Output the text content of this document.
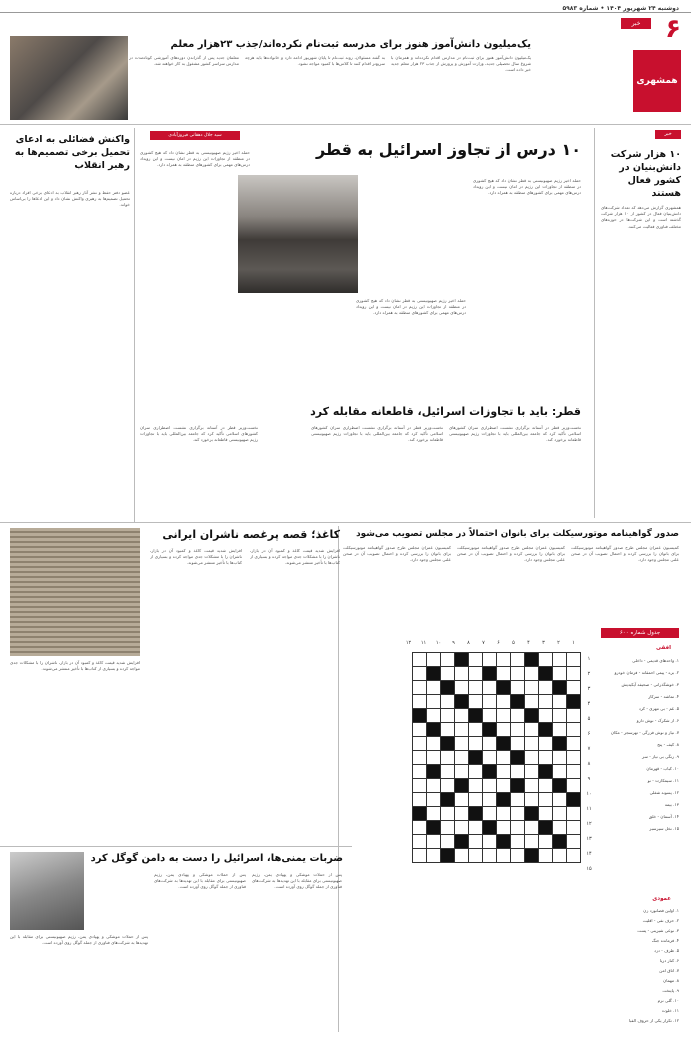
دوشنبه ۲۴ شهریور ۱۴۰۴ • شماره ۵۹۸۳
۶
خبر
همشهری
یک‌میلیون دانش‌آموز هنوز برای مدرسه ثبت‌نام نکرده‌اند/جذب ۲۳هزار معلم
یک‌میلیون دانش‌آموز هنوز برای ثبت‌نام در مدارس اقدام نکرده‌اند و همزمان با شروع سال تحصیلی جدید، وزارت آموزش و پرورش از جذب ۲۳ هزار معلم جدید خبر داده است.
به گفته مسئولان، روند ثبت‌نام تا پایان شهریور ادامه دارد و خانواده‌ها باید هرچه سریع‌تر اقدام کنند تا کلاس‌ها با کمبود مواجه نشود.
معلمان جدید پس از گذراندن دوره‌های آموزشی کوتاه‌مدت در مدارس سراسر کشور مشغول به کار خواهند شد.
خبر
۱۰ هزار شرکت دانش‌بنیان در کشور فعال هستند
همشهری گزارش می‌دهد که تعداد شرکت‌های دانش‌بنیان فعال در کشور از ۱۰ هزار شرکت گذشته است و این شرکت‌ها در حوزه‌های مختلف فناوری فعالیت می‌کنند.
سید جلال دهقانی فیروزآبادی
۱۰ درس از تجاوز اسرائیل به قطر
حمله اخیر رژیم صهیونیستی به قطر نشان داد که هیچ کشوری در منطقه از تجاوزات این رژیم در امان نیست و این رویداد درس‌های مهمی برای کشورهای منطقه به همراه دارد.
حمله اخیر رژیم صهیونیستی به قطر نشان داد که هیچ کشوری در منطقه از تجاوزات این رژیم در امان نیست و این رویداد درس‌های مهمی برای کشورهای منطقه به همراه دارد.
حمله اخیر رژیم صهیونیستی به قطر نشان داد که هیچ کشوری در منطقه از تجاوزات این رژیم در امان نیست و این رویداد درس‌های مهمی برای کشورهای منطقه به همراه دارد.
واکنش فضائلی به ادعای تحمیل برخی تصمیم‌ها به رهبر انقلاب
عضو دفتر حفظ و نشر آثار رهبر انقلاب به ادعای برخی افراد درباره تحمیل تصمیم‌ها به رهبری واکنش نشان داد و این ادعاها را بی‌اساس خواند.
قطر: باید با تجاوزات اسرائیل، قاطعانه مقابله کرد
نخست‌وزیر قطر در آستانه برگزاری نشست اضطراری سران کشورهای اسلامی تأکید کرد که جامعه بین‌المللی باید با تجاوزات رژیم صهیونیستی قاطعانه برخورد کند.
نخست‌وزیر قطر در آستانه برگزاری نشست اضطراری سران کشورهای اسلامی تأکید کرد که جامعه بین‌المللی باید با تجاوزات رژیم صهیونیستی قاطعانه برخورد کند.
نخست‌وزیر قطر در آستانه برگزاری نشست اضطراری سران کشورهای اسلامی تأکید کرد که جامعه بین‌المللی باید با تجاوزات رژیم صهیونیستی قاطعانه برخورد کند.
صدور گواهینامه موتورسیکلت برای بانوان احتمالاً در مجلس تصویب می‌شود
کمیسیون عمران مجلس طرح صدور گواهینامه موتورسیکلت برای بانوان را بررسی کرده و احتمال تصویب آن در صحن علنی مجلس وجود دارد.
کمیسیون عمران مجلس طرح صدور گواهینامه موتورسیکلت برای بانوان را بررسی کرده و احتمال تصویب آن در صحن علنی مجلس وجود دارد.
کمیسیون عمران مجلس طرح صدور گواهینامه موتورسیکلت برای بانوان را بررسی کرده و احتمال تصویب آن در صحن علنی مجلس وجود دارد.
جدول شماره ۶۰۰
افقی
۱. واحدهای قدیمی - داخلی
۲. بره - پیمی احمقانه - فرمان خودرو
۳. خوشگذرانی - صحیفه آیکیدیش
۴. تماشه - سرکار
۵. غم - بی مهری - کرد
۶. از شکرک - نوش دارو
۷. نیاز و نوش فزرگی - تهرسجر - مکان
۸. کیف - پنج
۹. رنگی بی نیاز - سر
۱۰. کباب - قهرمان
۱۱. سیمکارت - نو
۱۲. پسوند شغلی
۱۳. بیمه
۱۴. آسمان - خلق
۱۵. نخل سیرسبز
عمودی
۱. اولین فضانورد زن
۲. حرف نفی - اقلیت
۳. نوعی شیرینی - پست
۴. فرمانده جنگ
۵. ظرف - دزد
۶. کنار دریا
۷. اتاق امن
۸. مهمان
۹. پایتخت
۱۰. گلی نرم
۱۱. خلوت
۱۲. تکرار یکی از حروف الفبا
۱
۲
۳
۴
۵
۶
۷
۸
۹
۱۰
۱۱
۱۲
۱
۲
۳
۴
۵
۶
۷
۸
۹
۱۰
۱۱
۱۲
۱۳
۱۴
۱۵

کاغذ؛ قصه پرغصه ناشران ایرانی
افزایش شدید قیمت کاغذ و کمبود آن در بازار، ناشران را با مشکلات جدی مواجه کرده و بسیاری از کتاب‌ها با تأخیر منتشر می‌شوند.
افزایش شدید قیمت کاغذ و کمبود آن در بازار، ناشران را با مشکلات جدی مواجه کرده و بسیاری از کتاب‌ها با تأخیر منتشر می‌شوند.
افزایش شدید قیمت کاغذ و کمبود آن در بازار، ناشران را با مشکلات جدی مواجه کرده و بسیاری از کتاب‌ها با تأخیر منتشر می‌شوند.
ضربات یمنی‌ها، اسرائیل را دست به دامن گوگل کرد
پس از حملات موشکی و پهپادی یمن، رژیم صهیونیستی برای مقابله با این تهدیدها به شرکت‌های فناوری از جمله گوگل روی آورده است.
پس از حملات موشکی و پهپادی یمن، رژیم صهیونیستی برای مقابله با این تهدیدها به شرکت‌های فناوری از جمله گوگل روی آورده است.
پس از حملات موشکی و پهپادی یمن، رژیم صهیونیستی برای مقابله با این تهدیدها به شرکت‌های فناوری از جمله گوگل روی آورده است.
